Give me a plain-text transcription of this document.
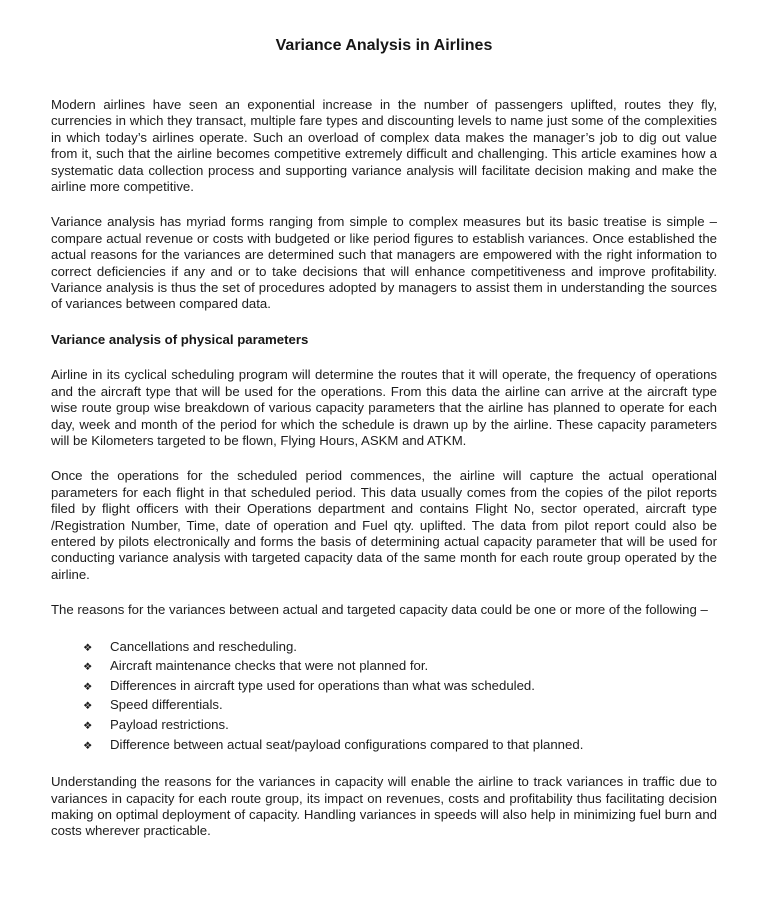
Variance Analysis in Airlines

Modern airlines have seen an exponential increase in the number of passengers uplifted, routes they fly, currencies in which they transact, multiple fare types and discounting levels to name just some of the complexities in which today’s airlines operate. Such an overload of complex data makes the manager’s job to dig out value from it, such that the airline becomes competitive extremely difficult and challenging. This article examines how a systematic data collection process and supporting variance analysis will facilitate decision making and make the airline more competitive.

Variance analysis has myriad forms ranging from simple to complex measures but its basic treatise is simple – compare actual revenue or costs with budgeted or like period figures to establish variances. Once established the actual reasons for the variances are determined such that managers are empowered with the right information to correct deficiencies if any and or to take decisions that will enhance competitiveness and improve profitability. Variance analysis is thus the set of procedures adopted by managers to assist them in understanding the sources of variances between compared data.

Variance analysis of physical parameters

Airline in its cyclical scheduling program will determine the routes that it will operate, the frequency of operations and the aircraft type that will be used for the operations. From this data the airline can arrive at the aircraft type wise route group wise breakdown of various capacity parameters that the airline has planned to operate for each day, week and month of the period for which the schedule is drawn up by the airline. These capacity parameters will be Kilometers targeted to be flown, Flying Hours, ASKM and ATKM.

Once the operations for the scheduled period commences, the airline will capture the actual operational parameters for each flight in that scheduled period. This data usually comes from the copies of the pilot reports filed by flight officers with their Operations department and contains Flight No, sector operated, aircraft type /Registration Number, Time, date of operation and Fuel qty. uplifted. The data from pilot report could also be entered by pilots electronically and forms the basis of determining actual capacity parameter that will be used for conducting variance analysis with targeted capacity data of the same month for each route group operated by the airline.

The reasons for the variances between actual and targeted capacity data could be one or more of the following –

❖	Cancellations and rescheduling.
❖	Aircraft maintenance checks that were not planned for.
❖	Differences in aircraft type used for operations than what was scheduled.
❖	Speed differentials.
❖	Payload restrictions.
❖	Difference between actual seat/payload configurations compared to that planned.

Understanding the reasons for the variances in capacity will enable the airline to track variances in traffic due to variances in capacity for each route group, its impact on revenues, costs and profitability thus facilitating decision making on optimal deployment of capacity. Handling variances in speeds will also help in minimizing fuel burn and costs wherever practicable.
